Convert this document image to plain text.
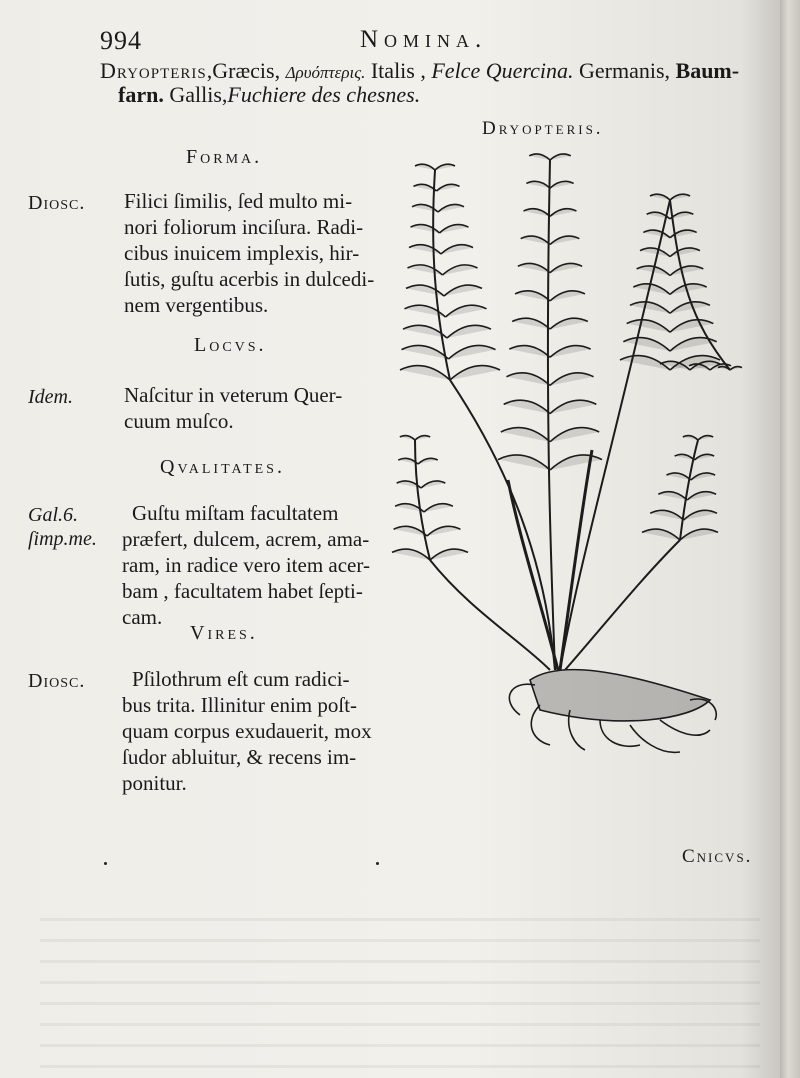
994	Nomina.
Dryopteris,Græcis, Δρυόπτερις. Italis , Felce Quercina. Germanis, Baum-
farn. Gallis,Fuchiere des chesnes.
Forma.
Diosc. Filici ſimilis, ſed multo mi-
nori foliorum inciſura. Radi-
cibus inuicem implexis, hir-
ſutis, guſtu acerbis in dulcedi-
nem vergentibus.
Locvs.
Idem. Naſcitur in veterum Quer-
cuum muſco.
Qvalitates.
Gal.6.
ſimp.me.
Guſtu miſtam facultatem
præfert, dulcem, acrem, ama-
ram, in radice vero item acer-
bam , facultatem habet ſepti-
cam.
Vires.
Diosc. Pſilothrum eſt cum radici-
bus trita. Illinitur enim poſt-
quam corpus exudauerit, mox
ſudor abluitur, & recens im-
ponitur.
Dryopteris.
Cnicvs.
